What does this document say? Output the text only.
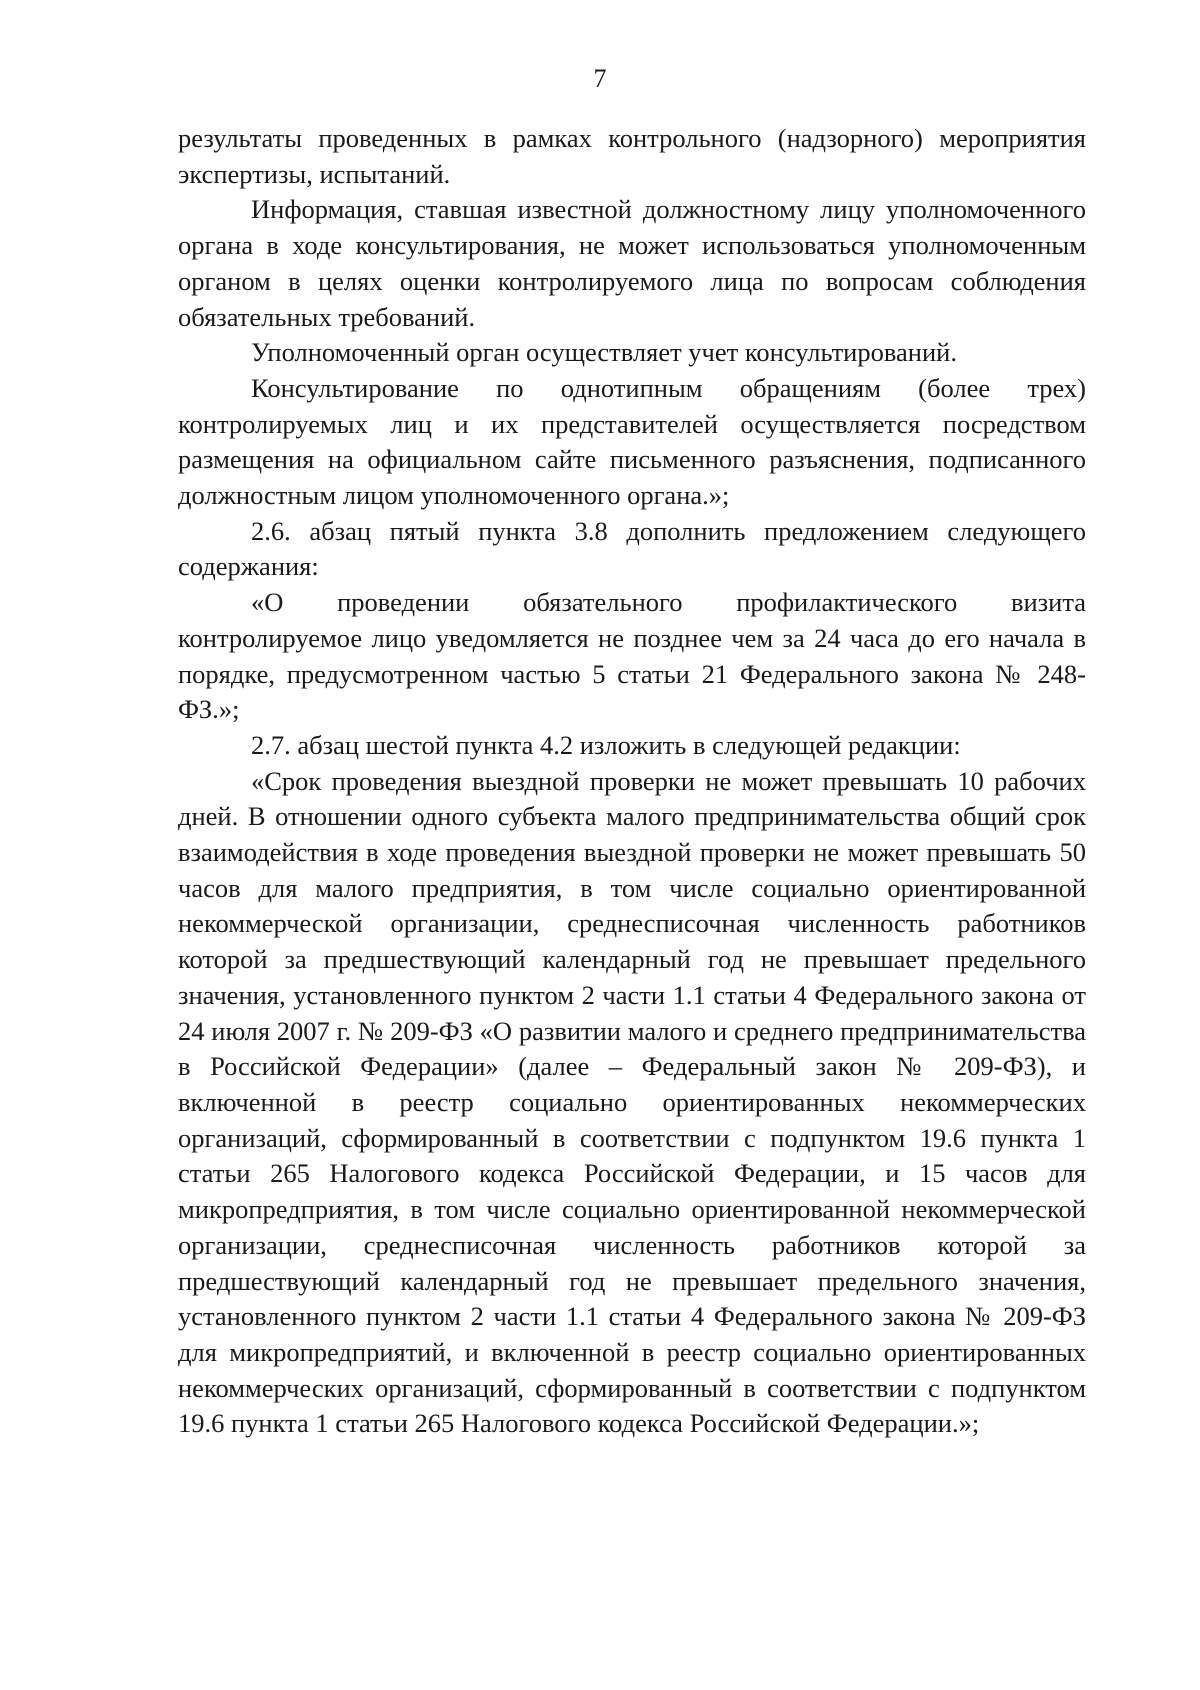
7

результаты проведенных в рамках контрольного (надзорного) мероприятия экспертизы, испытаний.

Информация, ставшая известной должностному лицу уполномоченного органа в ходе консультирования, не может использоваться уполномоченным органом в целях оценки контролируемого лица по вопросам соблюдения обязательных требований.

Уполномоченный орган осуществляет учет консультирований.

Консультирование по однотипным обращениям (более трех) контролируемых лиц и их представителей осуществляется посредством размещения на официальном сайте письменного разъяснения, подписанного должностным лицом уполномоченного органа.»;

2.6. абзац пятый пункта 3.8 дополнить предложением следующего содержания:

«О проведении обязательного профилактического визита контролируемое лицо уведомляется не позднее чем за 24 часа до его начала в порядке, предусмотренном частью 5 статьи 21 Федерального закона № 248-ФЗ.»;

2.7. абзац шестой пункта 4.2 изложить в следующей редакции:

«Срок проведения выездной проверки не может превышать 10 рабочих дней. В отношении одного субъекта малого предпринимательства общий срок взаимодействия в ходе проведения выездной проверки не может превышать 50 часов для малого предприятия, в том числе социально ориентированной некоммерческой организации, среднесписочная численность работников которой за предшествующий календарный год не превышает предельного значения, установленного пунктом 2 части 1.1 статьи 4 Федерального закона от 24 июля 2007 г. № 209-ФЗ «О развитии малого и среднего предпринимательства в Российской Федерации» (далее – Федеральный закон № 209-ФЗ), и включенной в реестр социально ориентированных некоммерческих организаций, сформированный в соответствии с подпунктом 19.6 пункта 1 статьи 265 Налогового кодекса Российской Федерации, и 15 часов для микропредприятия, в том числе социально ориентированной некоммерческой организации, среднесписочная численность работников которой за предшествующий календарный год не превышает предельного значения, установленного пунктом 2 части 1.1 статьи 4 Федерального закона № 209-ФЗ для микропредприятий, и включенной в реестр социально ориентированных некоммерческих организаций, сформированный в соответствии с подпунктом 19.6 пункта 1 статьи 265 Налогового кодекса Российской Федерации.»;
